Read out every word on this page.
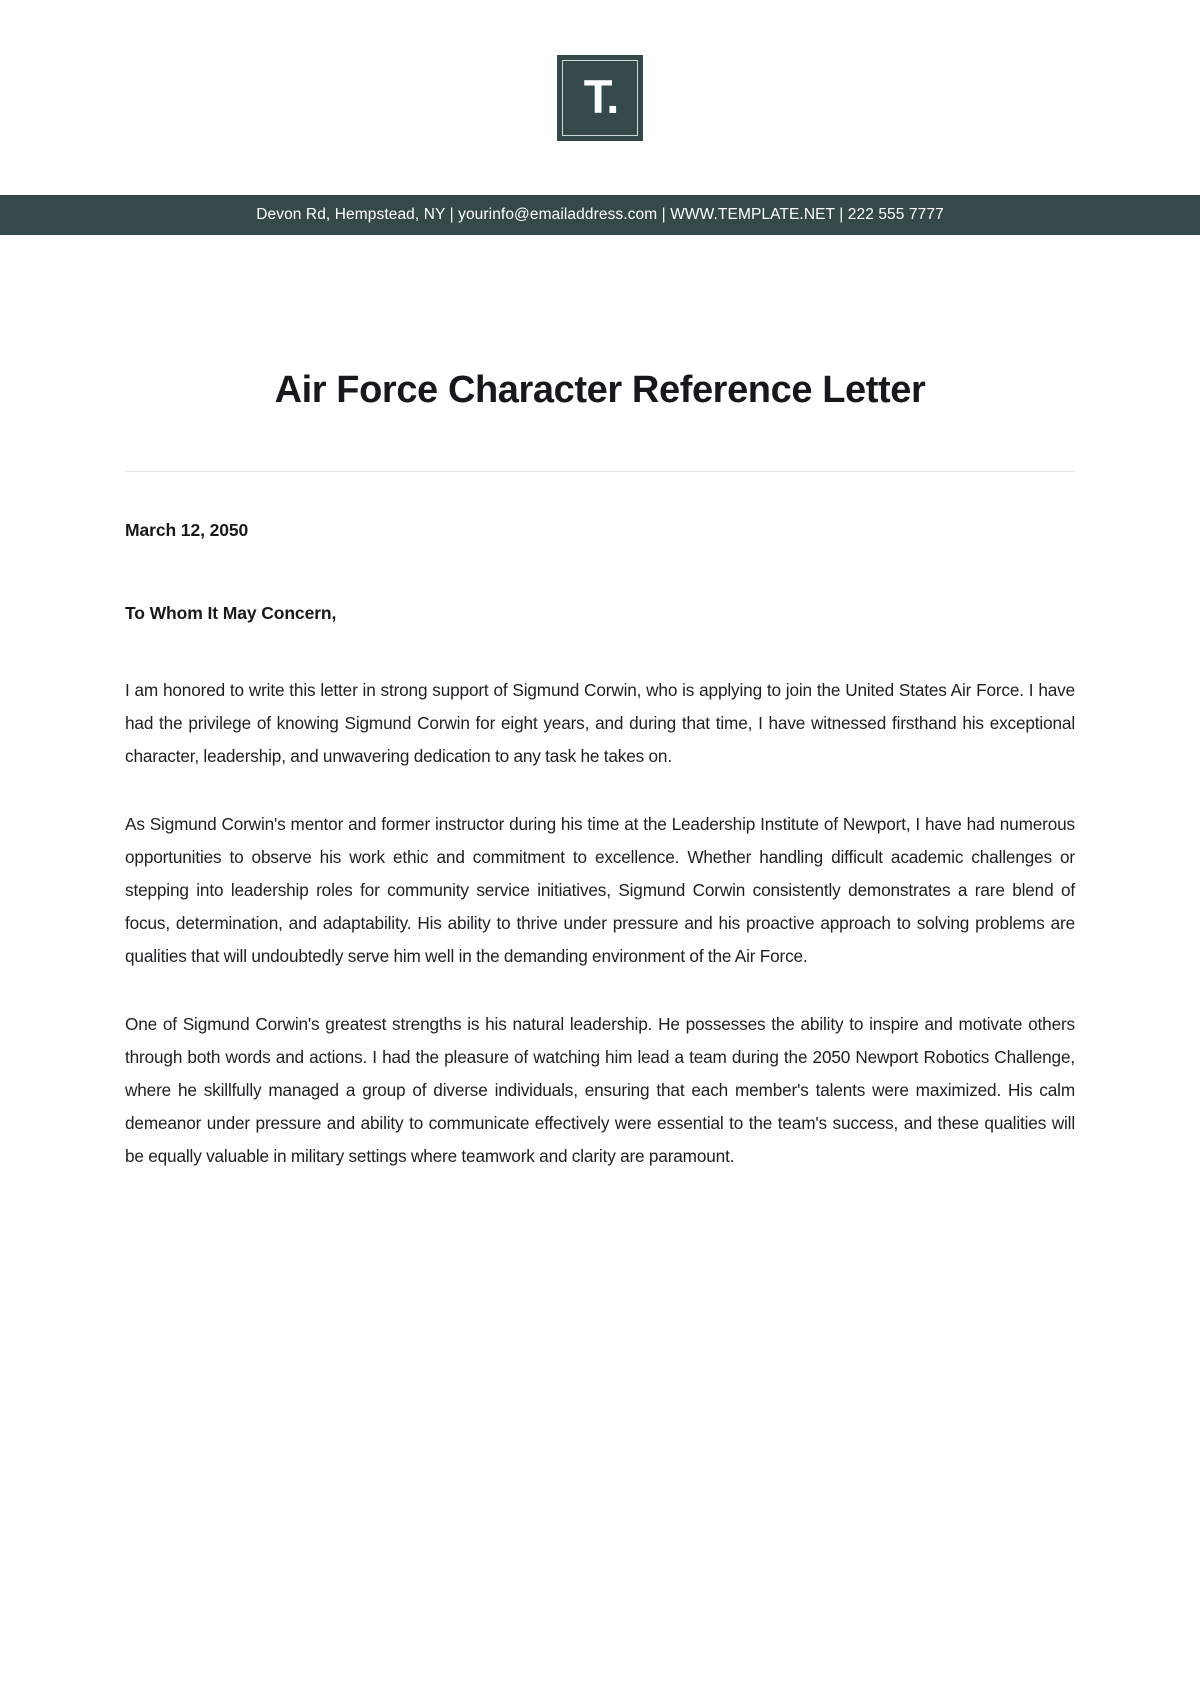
T.
Devon Rd, Hempstead, NY | yourinfo@emailaddress.com | WWW.TEMPLATE.NET | 222 555 7777
Air Force Character Reference Letter
March 12, 2050
To Whom It May Concern,

I am honored to write this letter in strong support of Sigmund Corwin, who is applying to join the United States Air Force. I have had the privilege of knowing Sigmund Corwin for eight years, and during that time, I have witnessed firsthand his exceptional character, leadership, and unwavering dedication to any task he takes on.

As Sigmund Corwin's mentor and former instructor during his time at the Leadership Institute of Newport, I have had numerous opportunities to observe his work ethic and commitment to excellence. Whether handling difficult academic challenges or stepping into leadership roles for community service initiatives, Sigmund Corwin consistently demonstrates a rare blend of focus, determination, and adaptability. His ability to thrive under pressure and his proactive approach to solving problems are qualities that will undoubtedly serve him well in the demanding environment of the Air Force.

One of Sigmund Corwin's greatest strengths is his natural leadership. He possesses the ability to inspire and motivate others through both words and actions. I had the pleasure of watching him lead a team during the 2050 Newport Robotics Challenge, where he skillfully managed a group of diverse individuals, ensuring that each member's talents were maximized. His calm demeanor under pressure and ability to communicate effectively were essential to the team's success, and these qualities will be equally valuable in military settings where teamwork and clarity are paramount.
